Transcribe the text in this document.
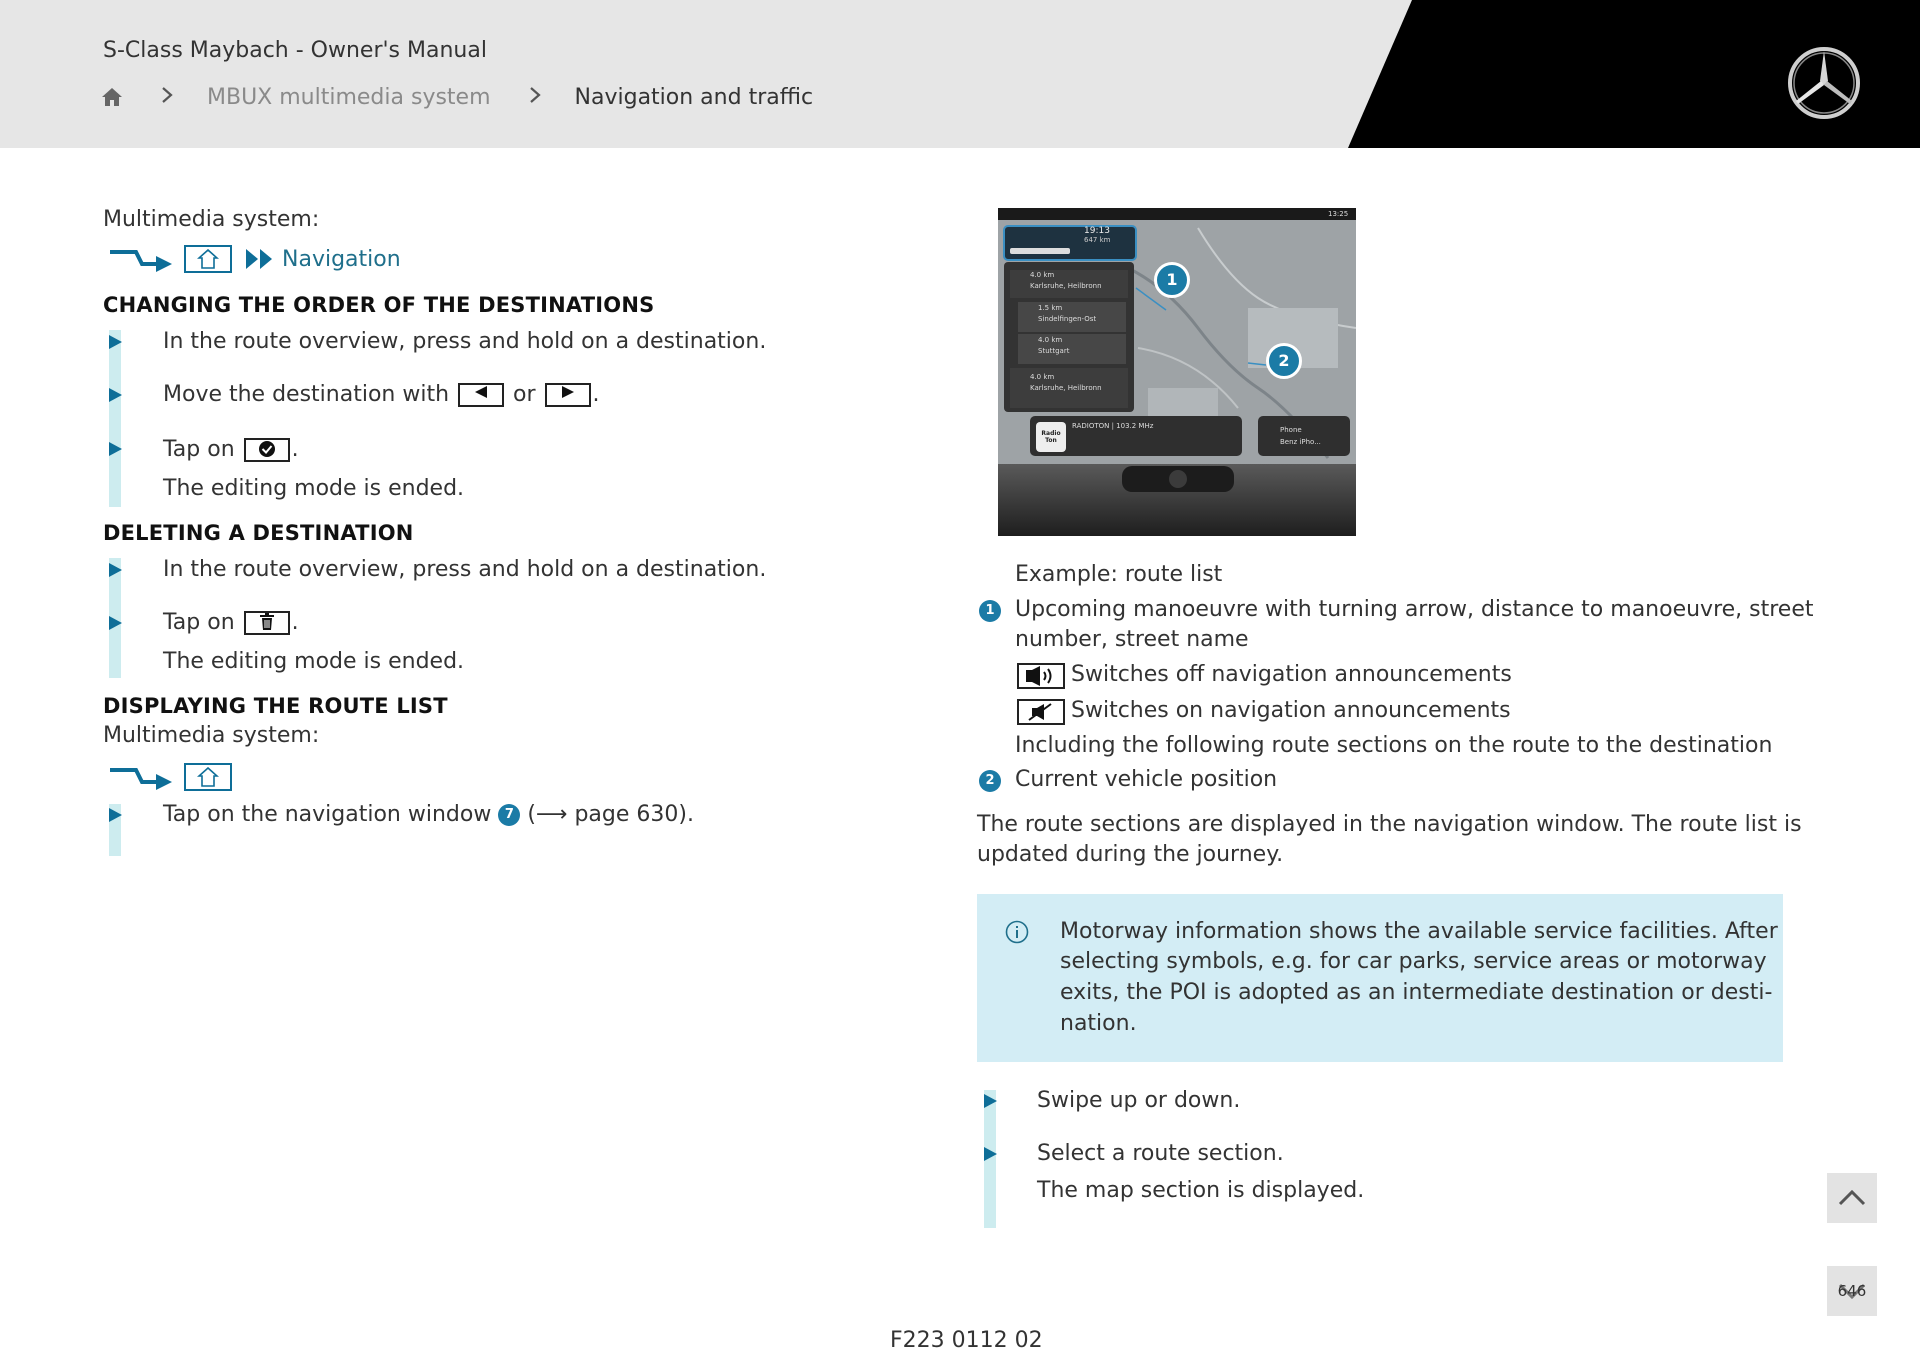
S-Class Maybach - Owner's Manual
MBUX multimedia system	Navigation and traffic
Multimedia system:
Navigation
CHANGING THE ORDER OF THE DESTINATIONS
In the route overview, press and hold on a destination.
Move the destination with	or	.
Tap on	.
The editing mode is ended.
DELETING A DESTINATION
In the route overview, press and hold on a destination.
Tap on	.
The editing mode is ended.
DISPLAYING THE ROUTE LIST
Multimedia system:
Tap on the navigation window 7 (⟶ page 630).
19:13
647 km
13:25
4.0 km
Karlsruhe, Heilbronn
1.5 km
Sindelfingen-Ost
4.0 km
Stuttgart
4.0 km
Karlsruhe, Heilbronn
Radio Ton
RADIOTON | 103.2 MHz	Phone
Benz iPho...
1
2
Example: route list
1 Upcoming manoeuvre with turning arrow, distance to manoeuvre, street
number, street name
Switches off navigation announcements
Switches on navigation announcements
Including the following route sections on the route to the destination
2 Current vehicle position
The route sections are displayed in the navigation window. The route list is
updated during the journey.
Motorway information shows the available service facilities. After
selecting symbols, e.g. for car parks, service areas or motorway
exits, the POI is adopted as an intermediate destination or desti-
nation.
Swipe up or down.
Select a route section.
The map section is displayed.
F223 0112 02
646
